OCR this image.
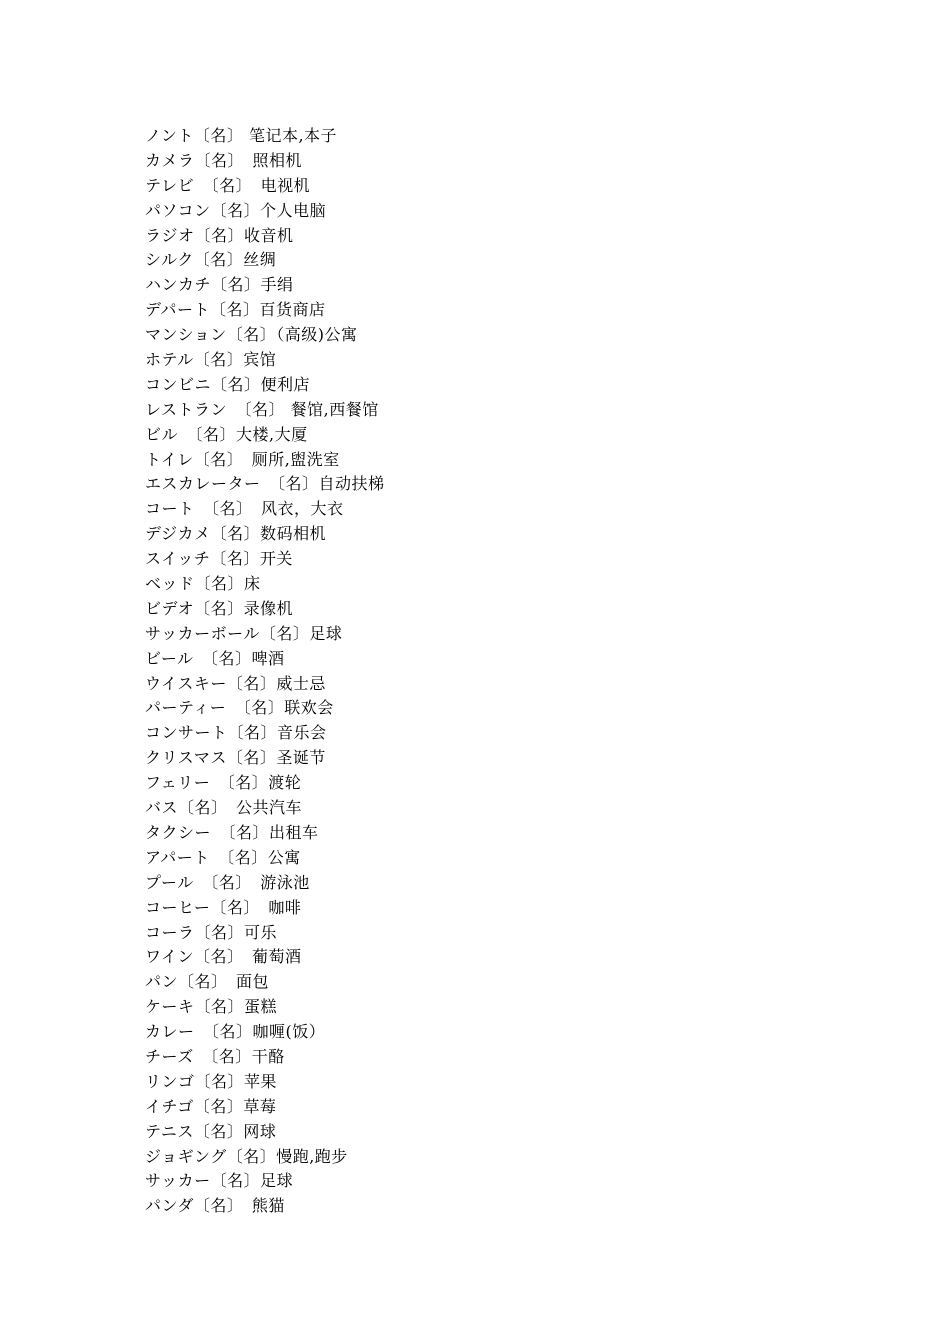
ノント〔名〕 笔记本,本子
カメラ〔名〕　照相机
テレビ　〔名〕　电视机
パソコン〔名〕个人电脑
ラジオ〔名〕收音机
シルク〔名〕丝绸
ハンカチ〔名〕手绢
デパート〔名〕百货商店
マンション〔名〕（高级)公寓
ホテル〔名〕宾馆
コンビニ〔名〕便利店
レストラン　〔名〕 餐馆,西餐馆
ビル　〔名〕大楼,大厦
トイレ〔名〕　厕所,盥洗室
エスカレーター　〔名〕自动扶梯
コート　〔名〕　风衣，大衣
デジカメ〔名〕数码相机
スイッチ〔名〕开关
ベッド〔名〕床
ビデオ〔名〕录像机
サッカーボール〔名〕足球
ビール　〔名〕啤酒
ウイスキー〔名〕威士忌
パーティー　〔名〕联欢会
コンサート〔名〕音乐会
クリスマス〔名〕圣诞节
フェリー　〔名〕渡轮
バス〔名〕　公共汽车
タクシー　〔名〕出租车
アパート　〔名〕公寓
プール　〔名〕　游泳池
コーヒー〔名〕　咖啡
コーラ〔名〕可乐
ワイン〔名〕　葡萄酒
パン〔名〕　面包
ケーキ〔名〕蛋糕
カレー　〔名〕咖喱(饭）
チーズ　〔名〕干酪
リンゴ〔名〕苹果
イチゴ〔名〕草莓
テニス〔名〕网球
ジョギング〔名〕慢跑,跑步
サッカー〔名〕足球
パンダ〔名〕　熊猫
